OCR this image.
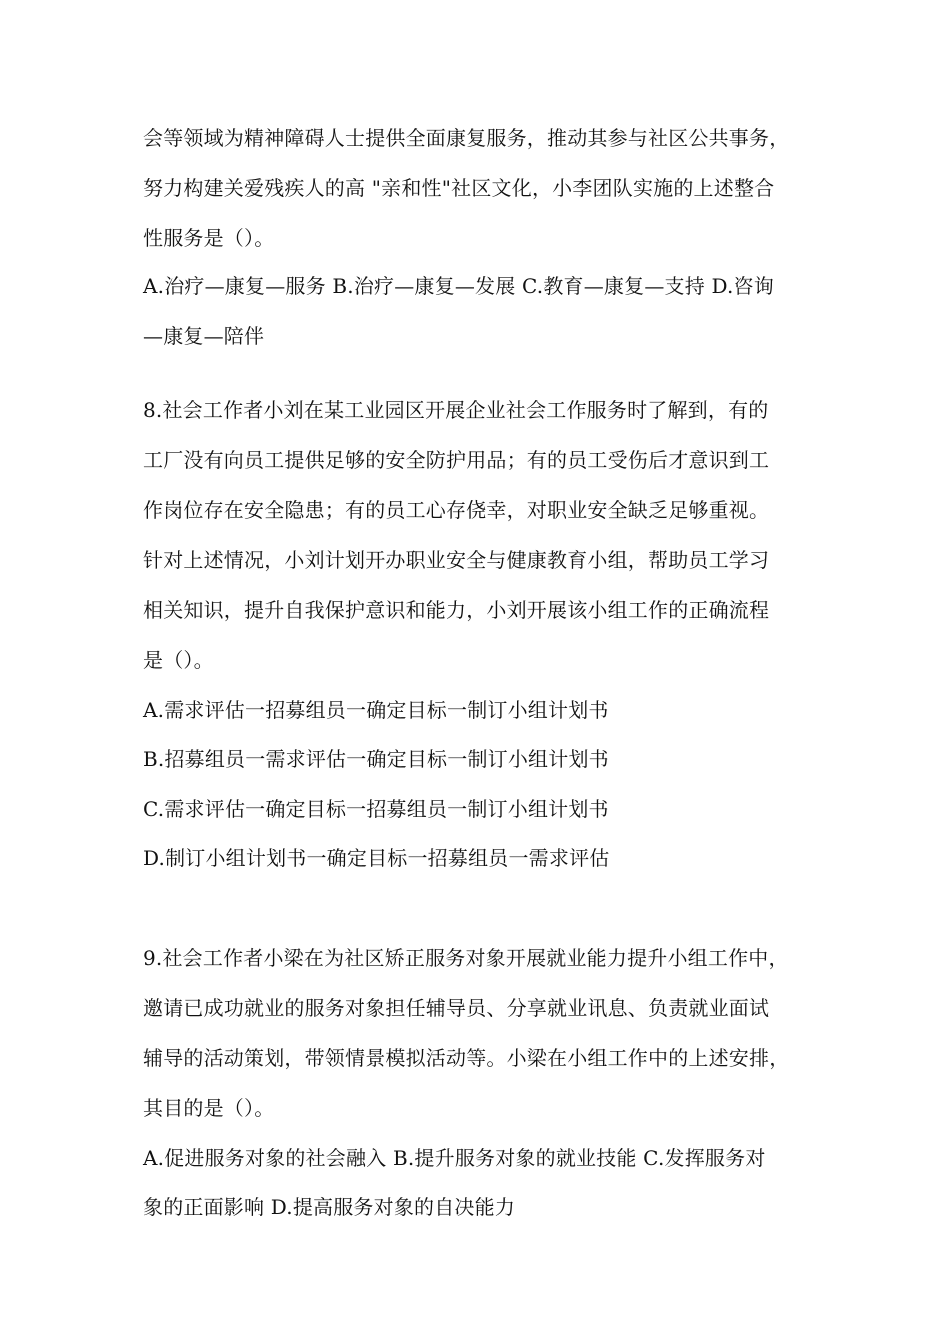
会等领域为精神障碍人士提供全面康复服务，推动其参与社区公共事务，
努力构建关爱残疾人的高 "亲和性"社区文化，小李团队实施的上述整合
性服务是（）。
A.治疗—康复—服务 B.治疗—康复—发展 C.教育—康复—支持 D.咨询
—康复—陪伴
8.社会工作者小刘在某工业园区开展企业社会工作服务时了解到，有的
工厂没有向员工提供足够的安全防护用品；有的员工受伤后才意识到工
作岗位存在安全隐患；有的员工心存侥幸，对职业安全缺乏足够重视。
针对上述情况，小刘计划开办职业安全与健康教育小组，帮助员工学习
相关知识，提升自我保护意识和能力，小刘开展该小组工作的正确流程
是（）。
A.需求评估一招募组员一确定目标一制订小组计划书
B.招募组员一需求评估一确定目标一制订小组计划书
C.需求评估一确定目标一招募组员一制订小组计划书
D.制订小组计划书一确定目标一招募组员一需求评估
9.社会工作者小梁在为社区矫正服务对象开展就业能力提升小组工作中，
邀请已成功就业的服务对象担任辅导员、分享就业讯息、负责就业面试
辅导的活动策划，带领情景模拟活动等。小梁在小组工作中的上述安排，
其目的是（）。
A.促进服务对象的社会融入 B.提升服务对象的就业技能 C.发挥服务对
象的正面影响 D.提高服务对象的自决能力
